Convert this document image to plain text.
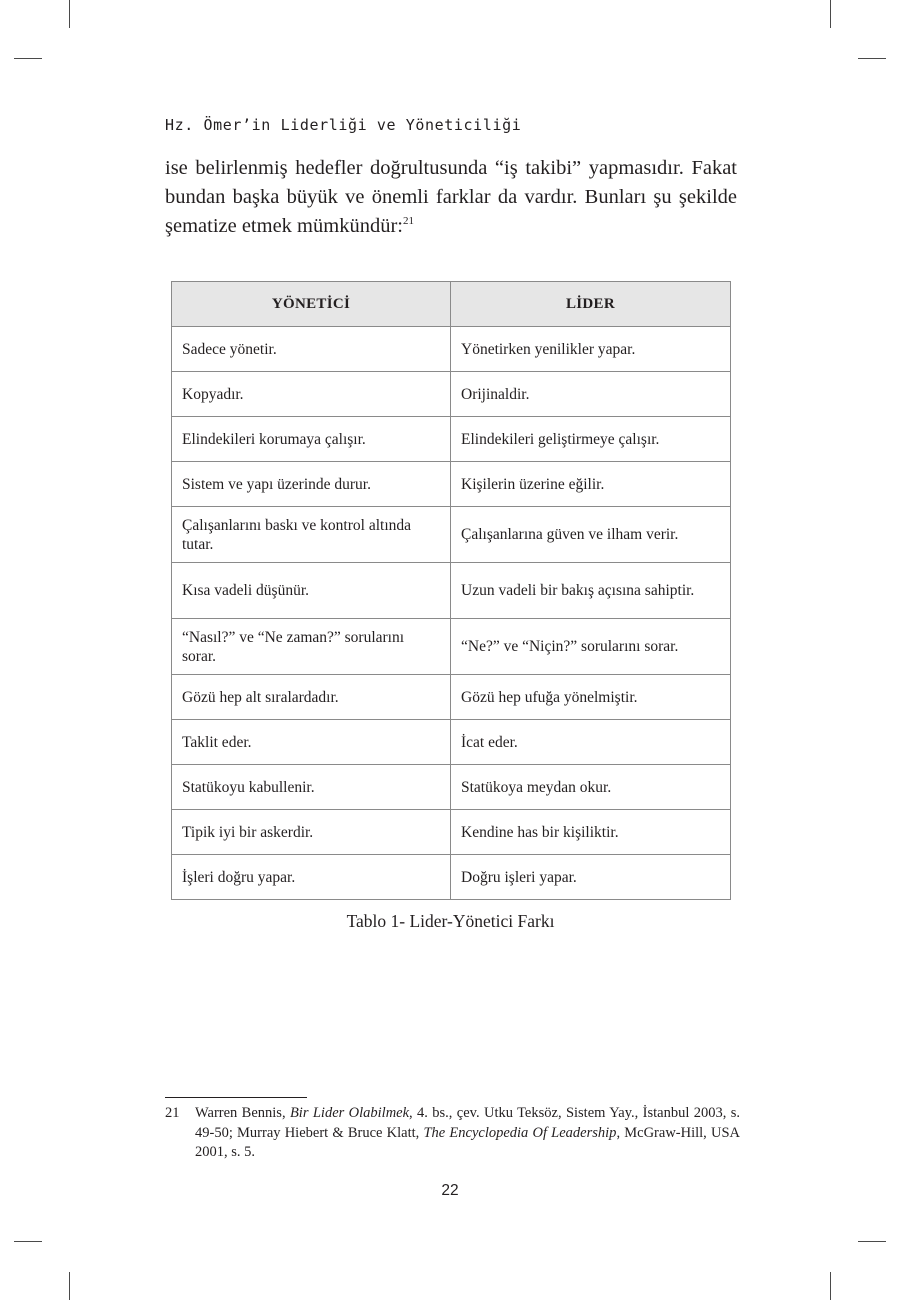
Hz. Ömer’in Liderliği ve Yöneticiliği

ise belirlenmiş hedefler doğrultusunda “iş takibi” yapmasıdır. Fakat
bundan başka büyük ve önemli farklar da vardır. Bunları şu şekilde
şematize etmek mümkündür:$^{21}$

YÖNETİCİ	LİDER
Sadece yönetir.	Yönetirken yenilikler yapar.
Kopyadır.	Orijinaldir.
Elindekileri korumaya çalışır.	Elindekileri geliştirmeye çalışır.
Sistem ve yapı üzerinde durur.	Kişilerin üzerine eğilir.
Çalışanlarını baskı ve kontrol altında tutar.	Çalışanlarına güven ve ilham verir.
Kısa vadeli düşünür.	Uzun vadeli bir bakış açısına sahiptir.
“Nasıl?” ve “Ne zaman?” sorularını sorar.	“Ne?” ve “Niçin?” sorularını sorar.
Gözü hep alt sıralardadır.	Gözü hep ufuğa yönelmiştir.
Taklit eder.	İcat eder.
Statükoyu kabullenir.	Statükoya meydan okur.
Tipik iyi bir askerdir.	Kendine has bir kişiliktir.
İşleri doğru yapar.	Doğru işleri yapar.
Tablo 1- Lider-Yönetici Farkı
21 Warren Bennis, Bir Lider Olabilmek, 4. bs., çev. Utku Teksöz, Sistem Yay., İstanbul 2003, s. 49-50; Murray Hiebert & Bruce Klatt, The Encyclopedia Of Leadership, McGraw-Hill, USA 2001, s. 5.
22
